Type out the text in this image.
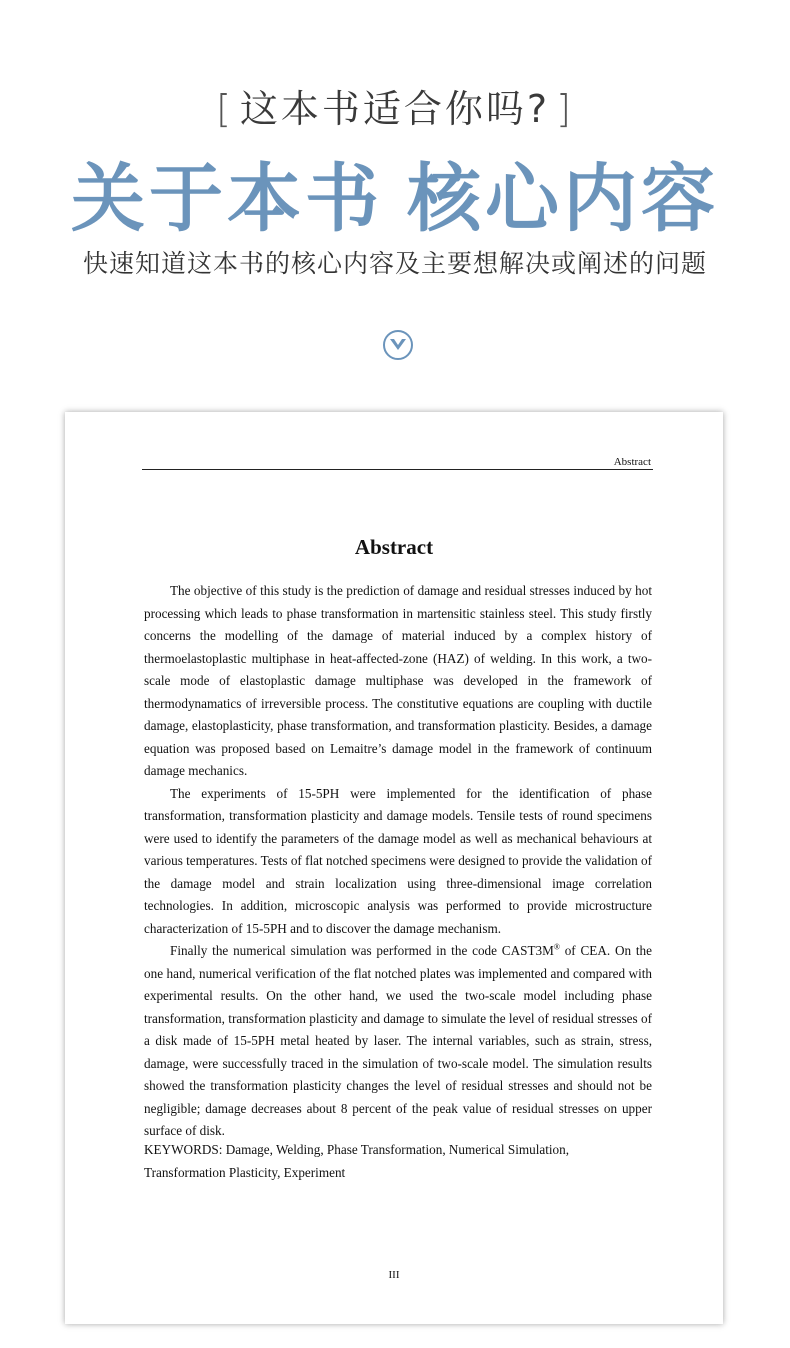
[ 这本书适合你吗? ]
关于本书 核心内容
快速知道这本书的核心内容及主要想解决或阐述的问题
Abstract
Abstract

The objective of this study is the prediction of damage and residual stresses induced by hot processing which leads to phase transformation in martensitic stainless steel. This study firstly concerns the modelling of the damage of material induced by a complex history of thermoelastoplastic multiphase in heat-affected-zone (HAZ) of welding. In this work, a two-scale mode of elastoplastic damage multiphase was developed in the framework of thermodynamatics of irreversible process. The constitutive equations are coupling with ductile damage, elastoplasticity, phase transformation, and transformation plasticity. Besides, a damage equation was proposed based on Lemaitre’s damage model in the framework of continuum damage mechanics.

The experiments of 15-5PH were implemented for the identification of phase transformation, transformation plasticity and damage models. Tensile tests of round specimens were used to identify the parameters of the damage model as well as mechanical behaviours at various temperatures. Tests of flat notched specimens were designed to provide the validation of the damage model and strain localization using three-dimensional image correlation technologies. In addition, microscopic analysis was performed to provide microstructure characterization of 15-5PH and to discover the damage mechanism.

Finally the numerical simulation was performed in the code CAST3M® of CEA. On the one hand, numerical verification of the flat notched plates was implemented and compared with experimental results. On the other hand, we used the two-scale model including phase transformation, transformation plasticity and damage to simulate the level of residual stresses of a disk made of 15-5PH metal heated by laser. The internal variables, such as strain, stress, damage, were successfully traced in the simulation of two-scale model. The simulation results showed the transformation plasticity changes the level of residual stresses and should not be negligible; damage decreases about 8 percent of the peak value of residual stresses on upper surface of disk.

KEYWORDS: Damage, Welding, Phase Transformation, Numerical Simulation, Transformation Plasticity, Experiment
III
